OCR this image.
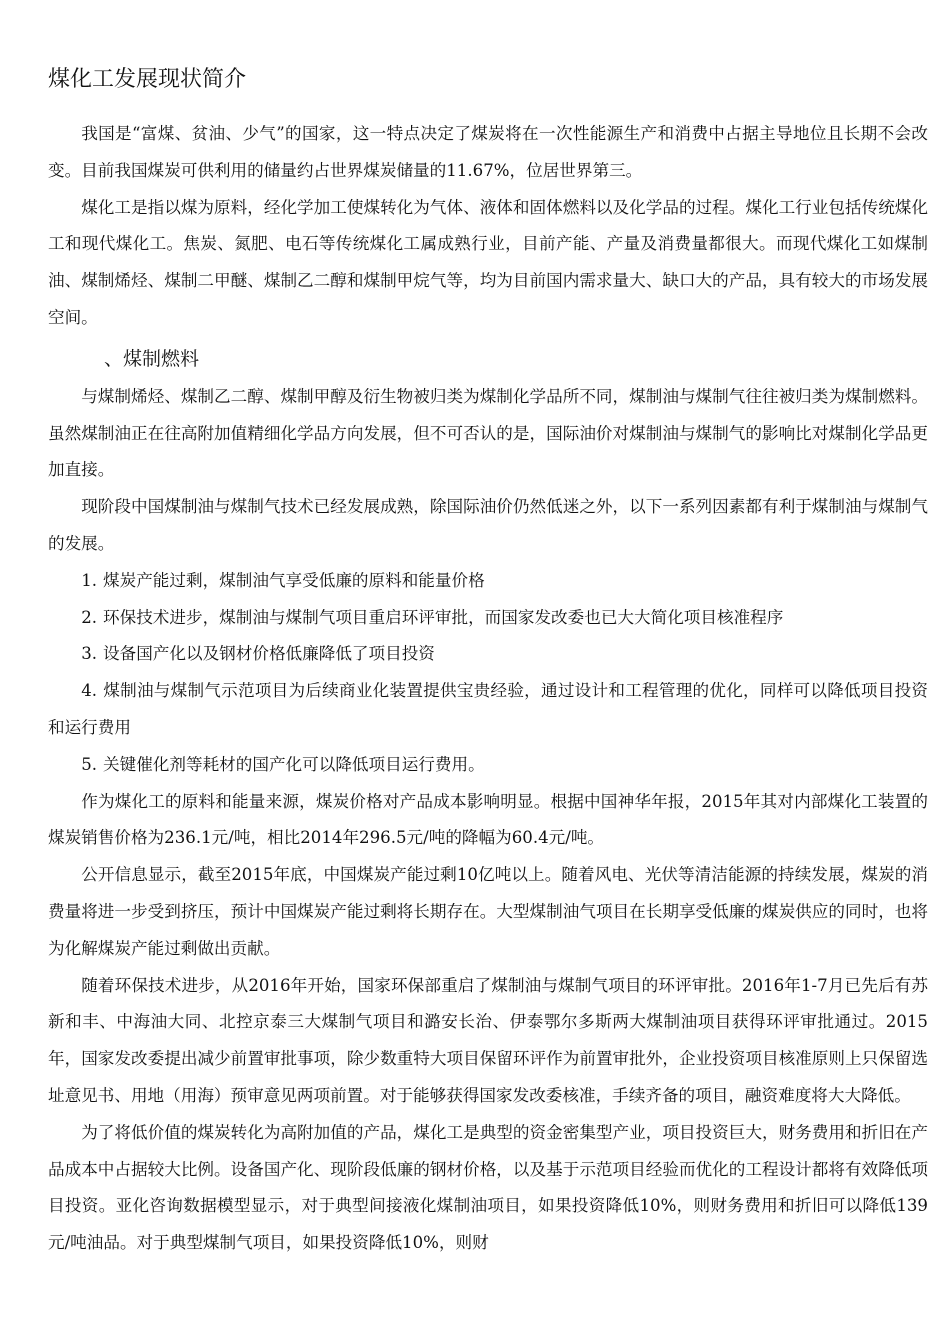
煤化工发展现状简介

我国是“富煤、贫油、少气”的国家，这一特点决定了煤炭将在一次性能源生产和消费中占据主导地位且长期不会改变。目前我国煤炭可供利用的储量约占世界煤炭储量的11.67%，位居世界第三。

煤化工是指以煤为原料，经化学加工使煤转化为气体、液体和固体燃料以及化学品的过程。煤化工行业包括传统煤化工和现代煤化工。焦炭、氮肥、电石等传统煤化工属成熟行业，目前产能、产量及消费量都很大。而现代煤化工如煤制油、煤制烯烃、煤制二甲醚、煤制乙二醇和煤制甲烷气等，均为目前国内需求量大、缺口大的产品，具有较大的市场发展空间。

、煤制燃料

与煤制烯烃、煤制乙二醇、煤制甲醇及衍生物被归类为煤制化学品所不同，煤制油与煤制气往往被归类为煤制燃料。虽然煤制油正在往高附加值精细化学品方向发展，但不可否认的是，国际油价对煤制油与煤制气的影响比对煤制化学品更加直接。

现阶段中国煤制油与煤制气技术已经发展成熟，除国际油价仍然低迷之外，以下一系列因素都有利于煤制油与煤制气的发展。

1. 煤炭产能过剩，煤制油气享受低廉的原料和能量价格

2. 环保技术进步，煤制油与煤制气项目重启环评审批，而国家发改委也已大大简化项目核准程序

3. 设备国产化以及钢材价格低廉降低了项目投资

4. 煤制油与煤制气示范项目为后续商业化装置提供宝贵经验，通过设计和工程管理的优化，同样可以降低项目投资和运行费用

5. 关键催化剂等耗材的国产化可以降低项目运行费用。

作为煤化工的原料和能量来源，煤炭价格对产品成本影响明显。根据中国神华年报，2015年其对内部煤化工装置的煤炭销售价格为236.1元/吨，相比2014年296.5元/吨的降幅为60.4元/吨。

公开信息显示，截至2015年底，中国煤炭产能过剩10亿吨以上。随着风电、光伏等清洁能源的持续发展，煤炭的消费量将进一步受到挤压，预计中国煤炭产能过剩将长期存在。大型煤制油气项目在长期享受低廉的煤炭供应的同时，也将为化解煤炭产能过剩做出贡献。

随着环保技术进步，从2016年开始，国家环保部重启了煤制油与煤制气项目的环评审批。2016年1-7月已先后有苏新和丰、中海油大同、北控京泰三大煤制气项目和潞安长治、伊泰鄂尔多斯两大煤制油项目获得环评审批通过。2015年，国家发改委提出减少前置审批事项，除少数重特大项目保留环评作为前置审批外，企业投资项目核准原则上只保留选址意见书、用地（用海）预审意见两项前置。对于能够获得国家发改委核准，手续齐备的项目，融资难度将大大降低。

为了将低价值的煤炭转化为高附加值的产品，煤化工是典型的资金密集型产业，项目投资巨大，财务费用和折旧在产品成本中占据较大比例。设备国产化、现阶段低廉的钢材价格，以及基于示范项目经验而优化的工程设计都将有效降低项目投资。亚化咨询数据模型显示，对于典型间接液化煤制油项目，如果投资降低10%，则财务费用和折旧可以降低139元/吨油品。对于典型煤制气项目，如果投资降低10%，则财
